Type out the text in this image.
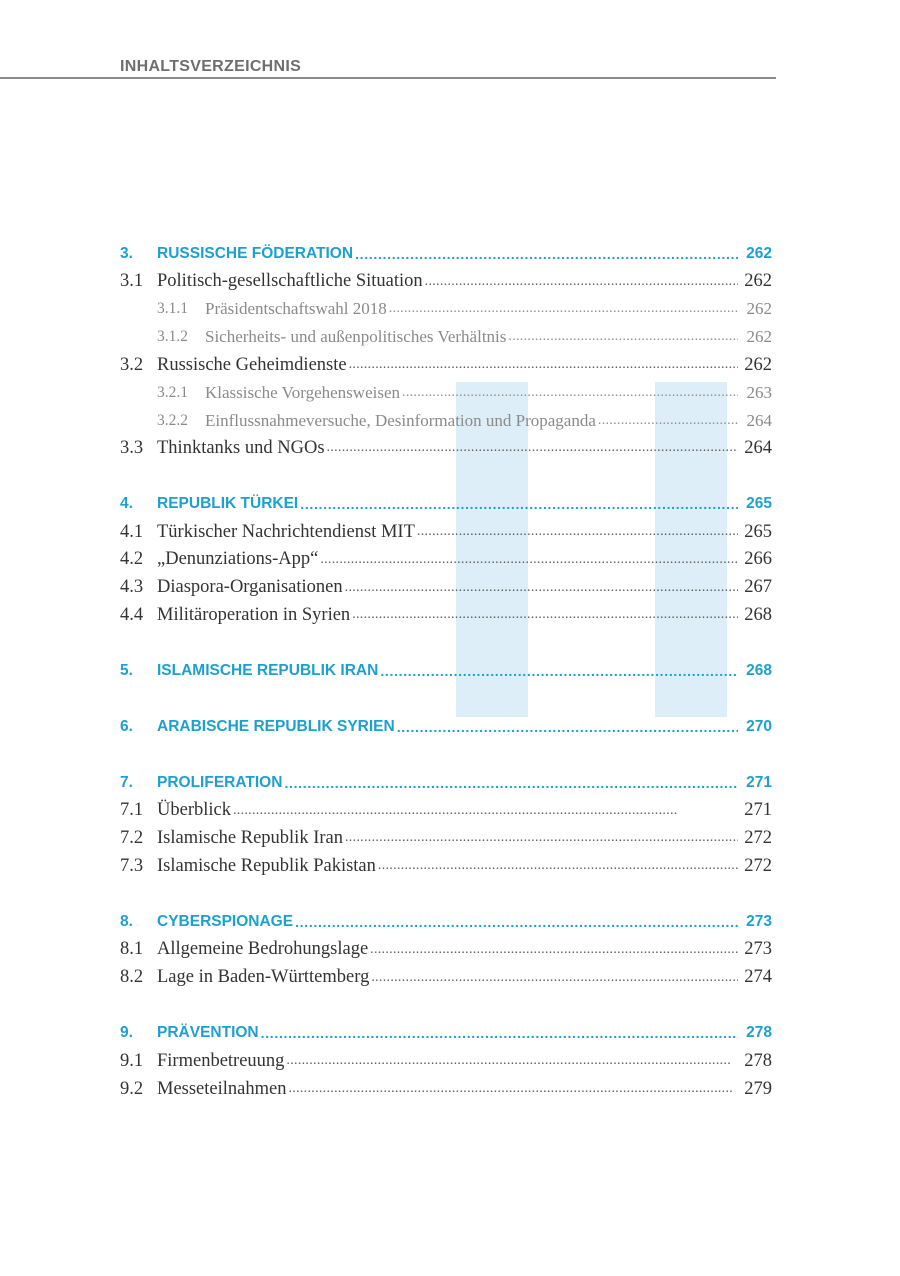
INHALTSVERZEICHNIS
3.	RUSSISCHE FÖDERATION . . .	262
3.1 Politisch-gesellschaftliche Situation . . .	262
3.1.1	Präsidentschaftswahl 2018 . . .	262
3.1.2	Sicherheits- und außenpolitisches Verhältnis . . .	262
3.2 Russische Geheimdienste . . .	262
3.2.1	Klassische Vorgehensweisen . . .	263
3.2.2	Einflussnahmeversuche, Desinformation und Propaganda . . .	264
3.3 Thinktanks und NGOs . . .	264
4.	REPUBLIK TÜRKEI . . .	265
4.1 Türkischer Nachrichtendienst MIT . . .	265
4.2 „Denunziations-App“ . . .	266
4.3 Diaspora-Organisationen . . .	267
4.4 Militäroperation in Syrien . . .	268
5.	ISLAMISCHE REPUBLIK IRAN . . .	268
6.	ARABISCHE REPUBLIK SYRIEN . . .	270
7.	PROLIFERATION . . .	271
7.1 Überblick . . .	271
7.2 Islamische Republik Iran . . .	272
7.3 Islamische Republik Pakistan . . .	272
8.	CYBERSPIONAGE . . .	273
8.1 Allgemeine Bedrohungslage . . .	273
8.2 Lage in Baden-Württemberg . . .	274
9.	PRÄVENTION . . .	278
9.1 Firmenbetreuung . . .	278
9.2 Messeteilnahmen . . .	279
